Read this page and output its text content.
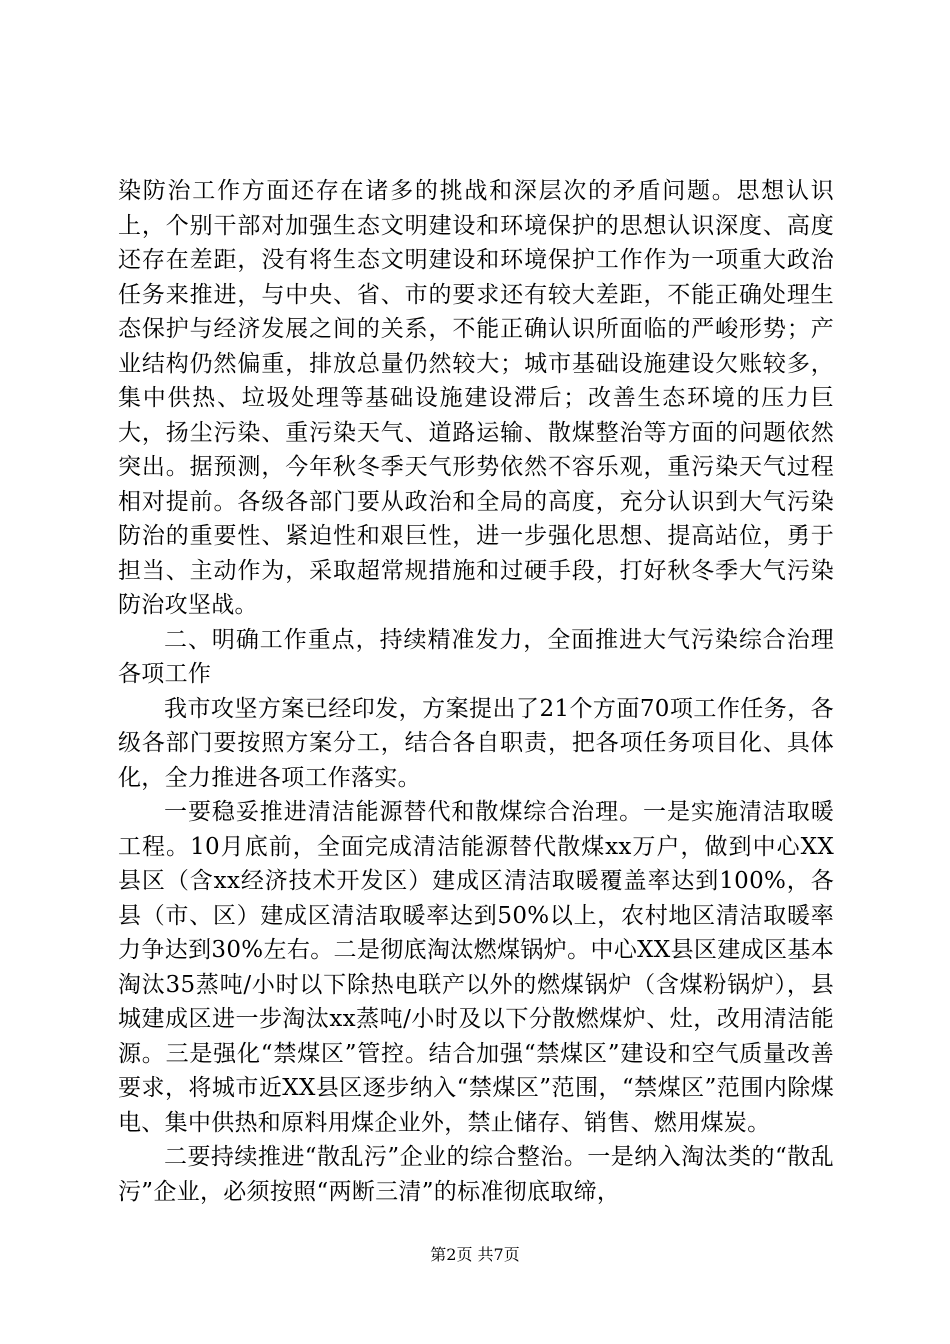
染防治工作方面还存在诸多的挑战和深层次的矛盾问题。思想认识上，个别干部对加强生态文明建设和环境保护的思想认识深度、高度还存在差距，没有将生态文明建设和环境保护工作作为一项重大政治任务来推进，与中央、省、市的要求还有较大差距，不能正确处理生态保护与经济发展之间的关系，不能正确认识所面临的严峻形势；产业结构仍然偏重，排放总量仍然较大；城市基础设施建设欠账较多，集中供热、垃圾处理等基础设施建设滞后；改善生态环境的压力巨大，扬尘污染、重污染天气、道路运输、散煤整治等方面的问题依然突出。据预测，今年秋冬季天气形势依然不容乐观，重污染天气过程相对提前。各级各部门要从政治和全局的高度，充分认识到大气污染防治的重要性、紧迫性和艰巨性，进一步强化思想、提高站位，勇于担当、主动作为，采取超常规措施和过硬手段，打好秋冬季大气污染防治攻坚战。

二、明确工作重点，持续精准发力，全面推进大气污染综合治理各项工作

我市攻坚方案已经印发，方案提出了21个方面70项工作任务，各级各部门要按照方案分工，结合各自职责，把各项任务项目化、具体化，全力推进各项工作落实。

一要稳妥推进清洁能源替代和散煤综合治理。一是实施清洁取暖工程。10月底前，全面完成清洁能源替代散煤xx万户，做到中心XX县区（含xx经济技术开发区）建成区清洁取暖覆盖率达到100%，各县（市、区）建成区清洁取暖率达到50%以上，农村地区清洁取暖率力争达到30%左右。二是彻底淘汰燃煤锅炉。中心XX县区建成区基本淘汰35蒸吨/小时以下除热电联产以外的燃煤锅炉（含煤粉锅炉），县城建成区进一步淘汰xx蒸吨/小时及以下分散燃煤炉、灶，改用清洁能源。三是强化“禁煤区”管控。结合加强“禁煤区”建设和空气质量改善要求，将城市近XX县区逐步纳入“禁煤区”范围，“禁煤区”范围内除煤电、集中供热和原料用煤企业外，禁止储存、销售、燃用煤炭。

二要持续推进“散乱污”企业的综合整治。一是纳入淘汰类的“散乱污”企业，必须按照“两断三清”的标准彻底取缔，

第2页 共7页
